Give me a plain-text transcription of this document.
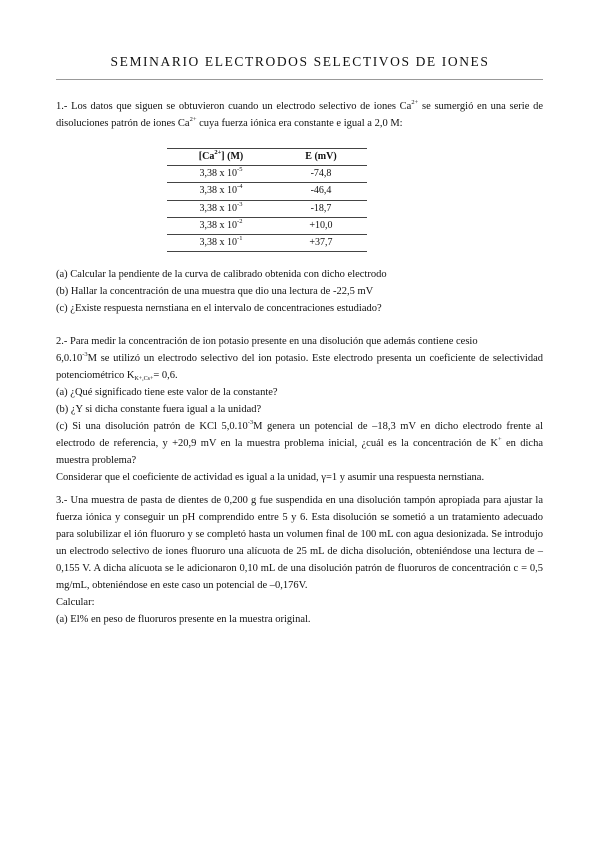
SEMINARIO ELECTRODOS SELECTIVOS DE IONES

1.- Los datos que siguen se obtuvieron cuando un electrodo selectivo de iones $Ca^{2+}$ se sumergió en una serie de disoluciones patrón de iones $Ca^{2+}$ cuya fuerza iónica era constante e igual a 2,0 M:

$[Ca^{2+}]$ (M)	E (mV)
3,38 x $10^{-5}$	-74,8
3,38 x $10^{-4}$	-46,4
3,38 x $10^{-3}$	-18,7
3,38 x $10^{-2}$	+10,0
3,38 x $10^{-1}$	+37,7

(a) Calcular la pendiente de la curva de calibrado obtenida con dicho electrodo

(b) Hallar la concentración de una muestra que dio una lectura de -22,5 mV

(c) ¿Existe respuesta nernstiana en el intervalo de concentraciones estudiado?

2.- Para medir la concentración de ion potasio presente en una disolución que además contiene cesio

$6,0.10^{-3}M$ se utilizó un electrodo selectivo del ion potasio. Este electrodo presenta un coeficiente de selectividad potenciométrico $K_{K+,Cs+}= 0,6$.

(a) ¿Qué significado tiene este valor de la constante?

(b) ¿Y si dicha constante fuera igual a la unidad?

(c) Si una disolución patrón de KCl $5,0.10^{-3}M$ genera un potencial de –18,3 mV en dicho electrodo frente al electrodo de referencia, y +20,9 mV en la muestra problema inicial, ¿cuál es la concentración de K+ en dicha muestra problema?

Considerar que el coeficiente de actividad es igual a la unidad, γ=1 y asumir una respuesta nernstiana.

3.- Una muestra de pasta de dientes de 0,200 g fue suspendida en una disolución tampón apropiada para ajustar la fuerza iónica y conseguir un pH comprendido entre 5 y 6. Esta disolución se sometió a un tratamiento adecuado para solubilizar el ión fluoruro y se completó hasta un volumen final de 100 mL con agua desionizada. Se introdujo un electrodo selectivo de iones fluoruro una alícuota de 25 mL de dicha disolución, obteniéndose una lectura de –0,155 V. A dicha alícuota se le adicionaron 0,10 mL de una disolución patrón de fluoruros de concentración c = 0,5 mg/mL, obteniéndose en este caso un potencial de –0,176V.

Calcular:

(a) El% en peso de fluoruros presente en la muestra original.
